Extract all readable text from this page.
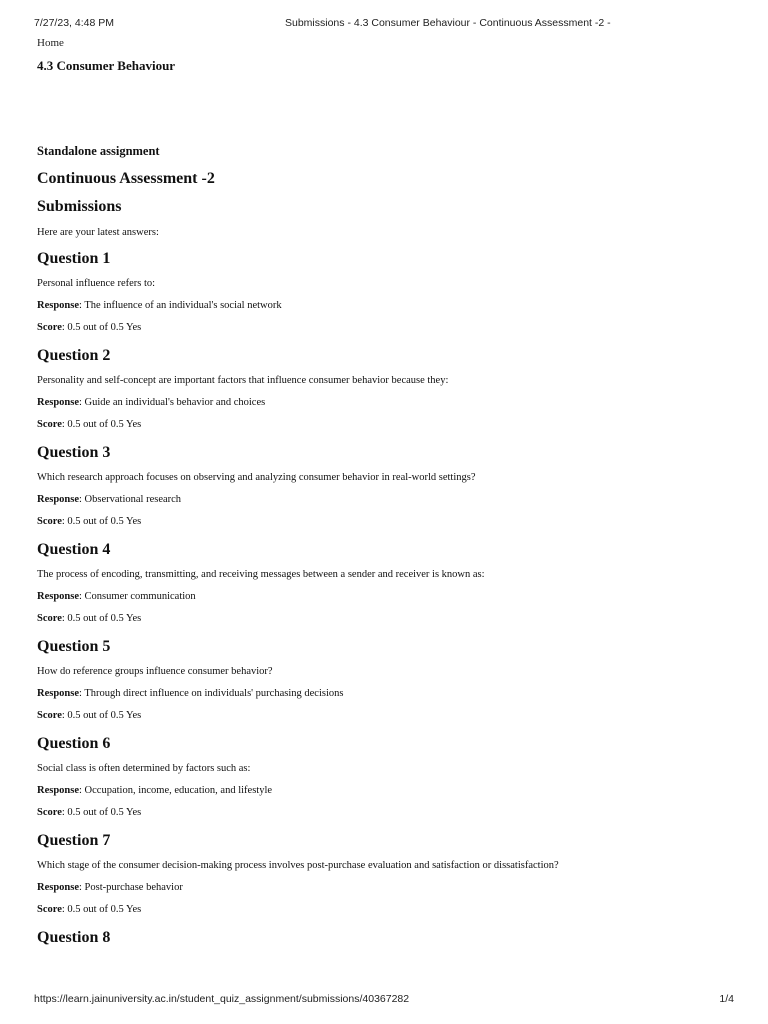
7/27/23, 4:48 PM	Submissions - 4.3 Consumer Behaviour - Continuous Assessment -2 -
Home
4.3 Consumer Behaviour
Standalone assignment
Continuous Assessment -2
Submissions
Here are your latest answers:
Question 1

Personal influence refers to:

Response: The influence of an individual's social network

Score: 0.5 out of 0.5 Yes

Question 2

Personality and self-concept are important factors that influence consumer behavior because they:

Response: Guide an individual's behavior and choices

Score: 0.5 out of 0.5 Yes

Question 3

Which research approach focuses on observing and analyzing consumer behavior in real-world settings?

Response: Observational research

Score: 0.5 out of 0.5 Yes

Question 4

The process of encoding, transmitting, and receiving messages between a sender and receiver is known as:

Response: Consumer communication

Score: 0.5 out of 0.5 Yes

Question 5

How do reference groups influence consumer behavior?

Response: Through direct influence on individuals' purchasing decisions

Score: 0.5 out of 0.5 Yes

Question 6

Social class is often determined by factors such as:

Response: Occupation, income, education, and lifestyle

Score: 0.5 out of 0.5 Yes

Question 7

Which stage of the consumer decision-making process involves post-purchase evaluation and satisfaction or dissatisfaction?

Response: Post-purchase behavior

Score: 0.5 out of 0.5 Yes

Question 8
https://learn.jainuniversity.ac.in/student_quiz_assignment/submissions/40367282	1/4
